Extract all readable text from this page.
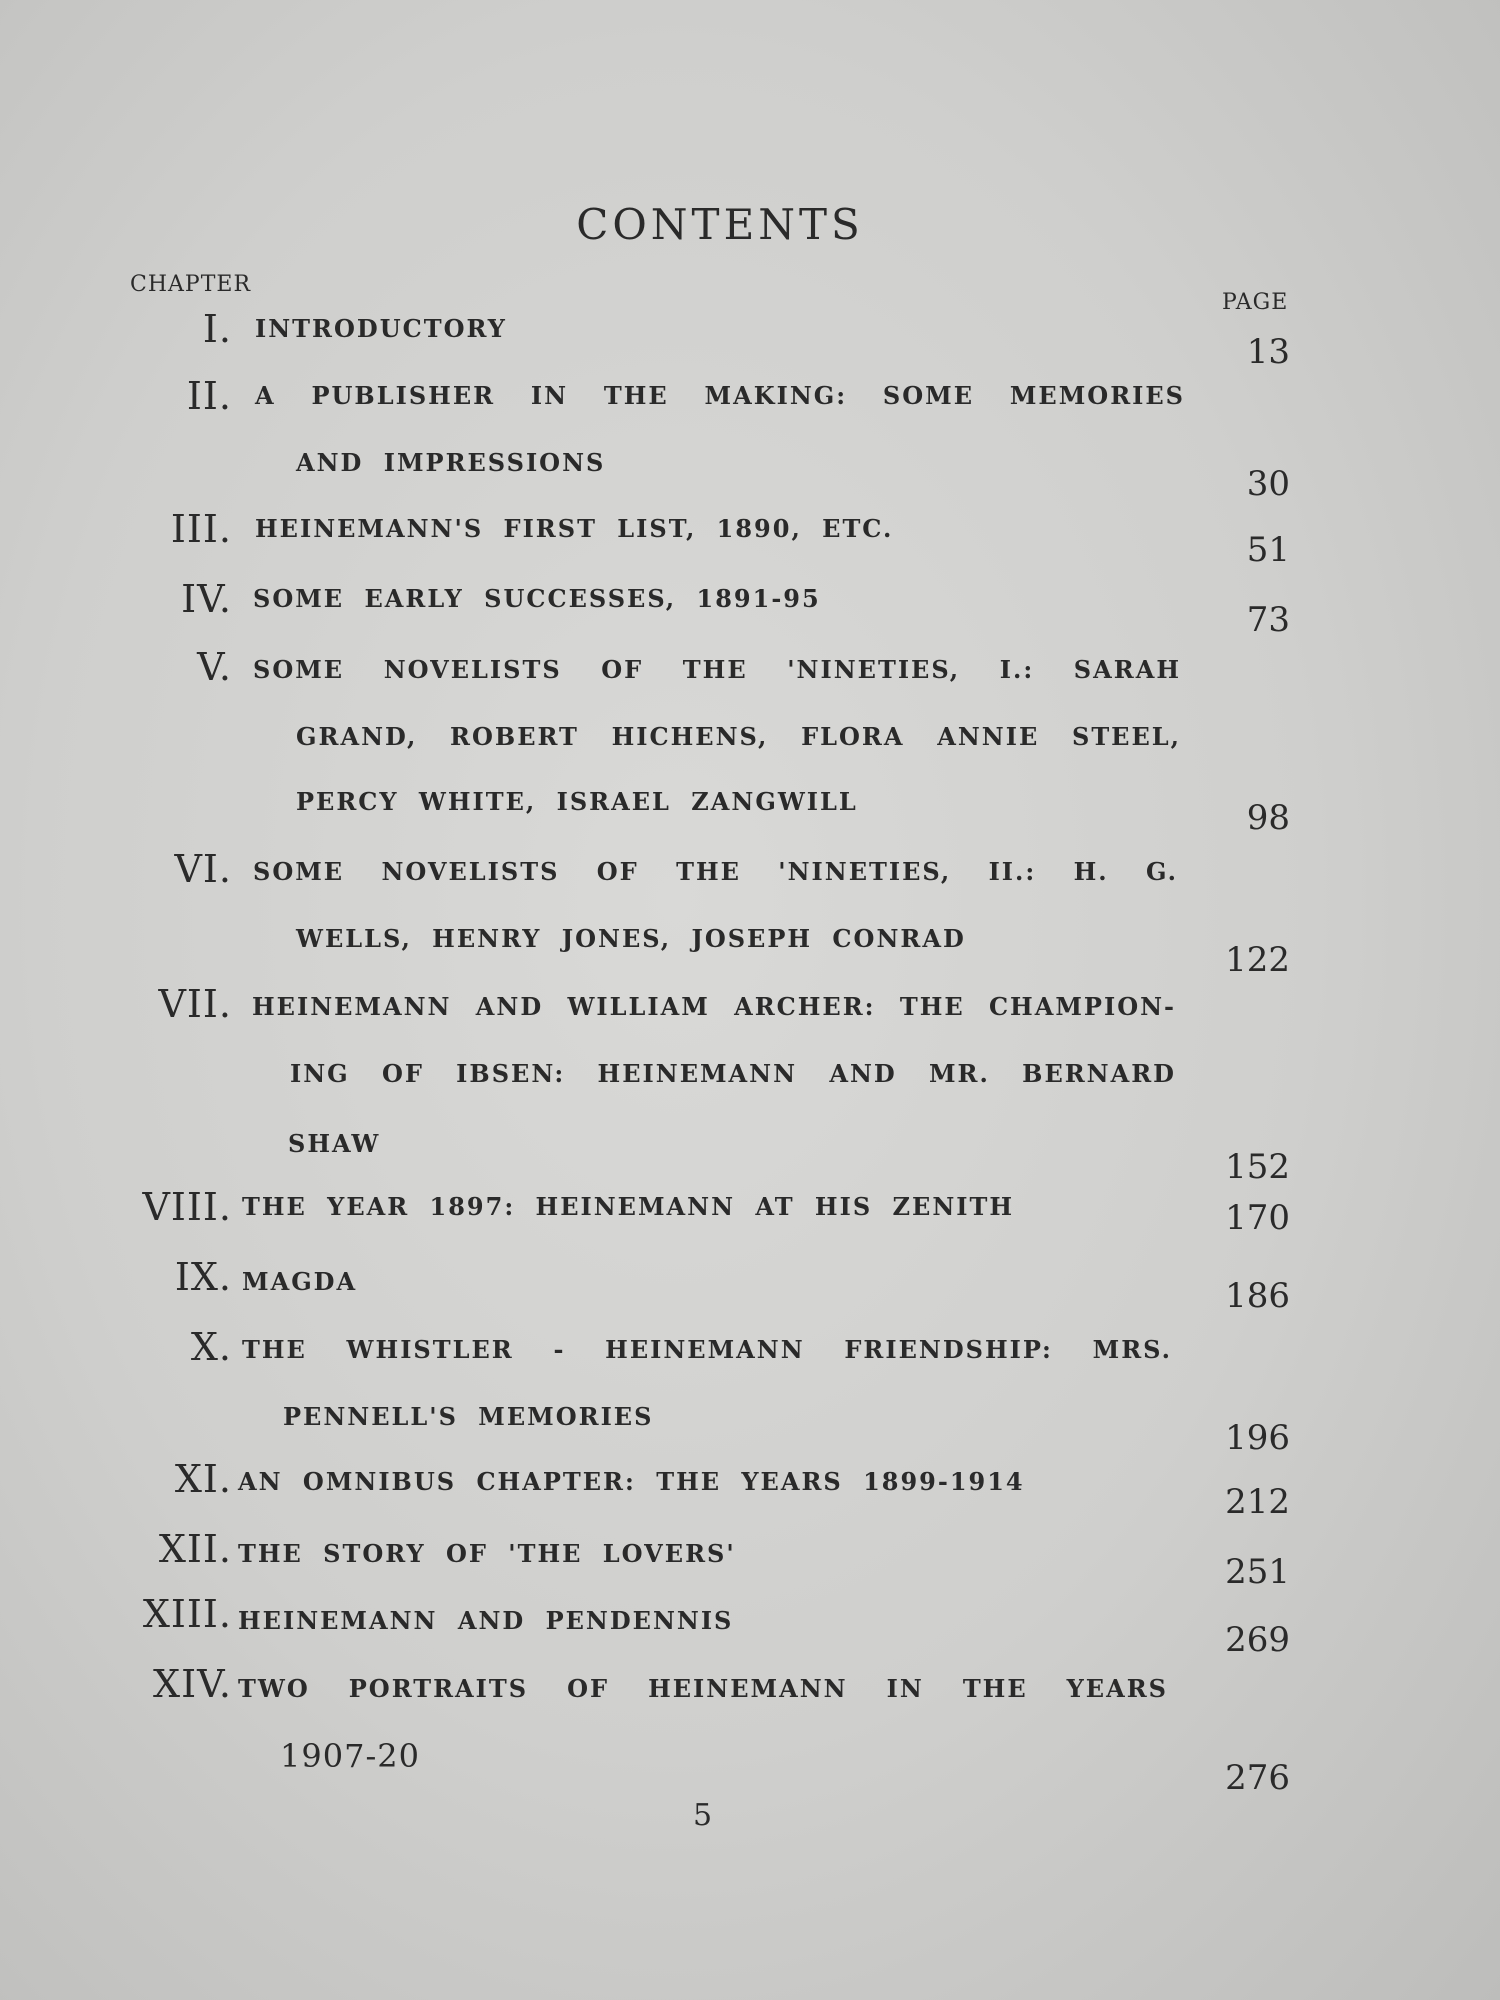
CONTENTS
CHAPTER
PAGE
I. INTRODUCTORY
13
II. A PUBLISHER IN THE MAKING: SOME MEMORIES
AND IMPRESSIONS
30
III. HEINEMANN'S FIRST LIST, 1890, ETC.
51
IV. SOME EARLY SUCCESSES, 1891-95
73
V. SOME NOVELISTS OF THE 'NINETIES, I.: SARAH
GRAND, ROBERT HICHENS, FLORA ANNIE STEEL,
PERCY WHITE, ISRAEL ZANGWILL	98
VI. SOME NOVELISTS OF THE 'NINETIES, II.: H. G.
WELLS, HENRY JONES, JOSEPH CONRAD
122
VII. HEINEMANN AND WILLIAM ARCHER: THE CHAMPION-
ING OF IBSEN: HEINEMANN AND MR. BERNARD
SHAW
152
VIII. THE YEAR 1897: HEINEMANN AT HIS ZENITH	170
IX. MAGDA	186
X. THE WHISTLER - HEINEMANN FRIENDSHIP: MRS.
PENNELL'S MEMORIES
196
XI. AN OMNIBUS CHAPTER: THE YEARS 1899-1914
212
XII. THE STORY OF 'THE LOVERS'	251
XIII. HEINEMANN AND PENDENNIS	269
XIV. TWO PORTRAITS OF HEINEMANN IN THE YEARS
1907-20
276
5
